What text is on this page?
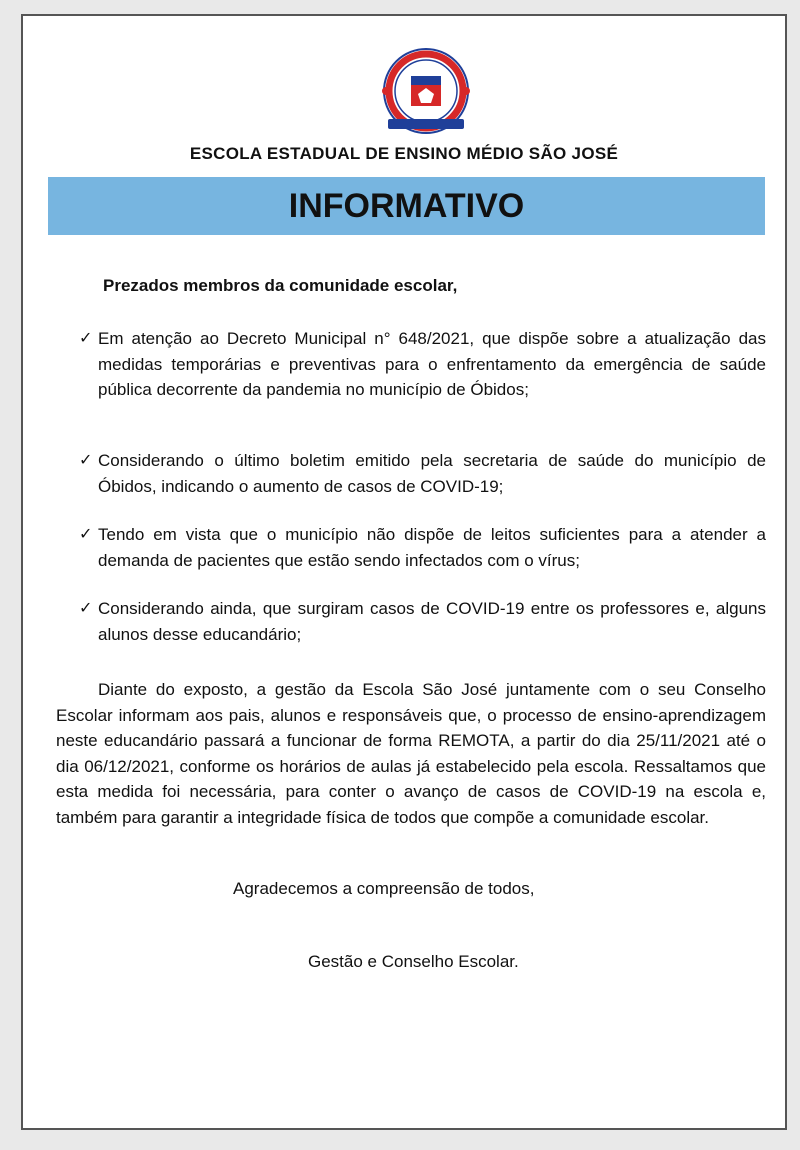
ESCOLA ESTADUAL DE ENSINO MÉDIO SÃO JOSÉ
INFORMATIVO
Prezados membros da comunidade escolar,
✓ Em atenção ao Decreto Municipal n° 648/2021, que dispõe sobre a atualização das medidas temporárias e preventivas para o enfrentamento da emergência de saúde pública decorrente da pandemia no município de Óbidos;
✓ Considerando o último boletim emitido pela secretaria de saúde do município de Óbidos, indicando o aumento de casos de COVID-19;
✓ Tendo em vista que o município não dispõe de leitos suficientes para a atender a demanda de pacientes que estão sendo infectados com o vírus;
✓ Considerando ainda, que surgiram casos de COVID-19 entre os professores e, alguns alunos desse educandário;
Diante do exposto, a gestão da Escola São José juntamente com o seu Conselho Escolar informam aos pais, alunos e responsáveis que, o processo de ensino-aprendizagem neste educandário passará a funcionar de forma REMOTA, a partir do dia 25/11/2021 até o dia 06/12/2021, conforme os horários de aulas já estabelecido pela escola. Ressaltamos que esta medida foi necessária, para conter o avanço de casos de COVID-19 na escola e, também para garantir a integridade física de todos que compõe a comunidade escolar.
Agradecemos a compreensão de todos,
Gestão e Conselho Escolar.
